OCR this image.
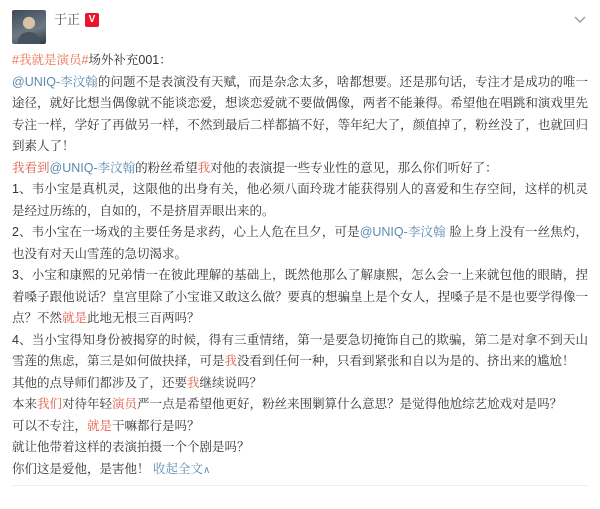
于正 V

#我就是演员#场外补充001：

@UNIQ-李汶翰的问题不是表演没有天赋，而是杂念太多，啥都想要。还是那句话，专注才是成功的唯一途径，就好比想当偶像就不能谈恋爱，想谈恋爱就不要做偶像，两者不能兼得。希望他在唱跳和演戏里先专注一样，学好了再做另一样，不然到最后二样都搞不好，等年纪大了，颜值掉了，粉丝没了，也就回归到素人了！

我看到@UNIQ-李汶翰的粉丝希望我对他的表演提一些专业性的意见，那么你们听好了：

1、韦小宝是真机灵，这限他的出身有关，他必须八面玲珑才能获得别人的喜爱和生存空间，这样的机灵是经过历练的，自如的，不是挤眉弄眼出来的。

2、韦小宝在一场戏的主要任务是求药，心上人危在旦夕，可是@UNIQ-李汶翰 脸上身上没有一丝焦灼，也没有对天山雪莲的急切渴求。

3、小宝和康熙的兄弟情一在彼此理解的基础上，既然他那么了解康熙，怎么会一上来就包他的眼睛，捏着嗓子跟他说话？皇宫里除了小宝谁又敢这么做？要真的想骗皇上是个女人，捏嗓子是不是也要学得像一点？不然就是此地无根三百两吗？

4、当小宝得知身份被揭穿的时候，得有三重情绪，第一是要急切掩饰自己的欺骗，第二是对拿不到天山雪莲的焦虑，第三是如何做抉择，可是我没看到任何一种，只看到紧张和自以为是的、挤出来的尴尬！

其他的点导师们都涉及了，还要我继续说吗？

本来我们对待年轻演员严一点是希望他更好，粉丝来围剿算什么意思？是觉得他尬综艺尬戏对是吗？

可以不专注，就是干嘛都行是吗？

就让他带着这样的表演拍摄一个个剧是吗？

你们这是爱他，是害他！ 收起全文∧
